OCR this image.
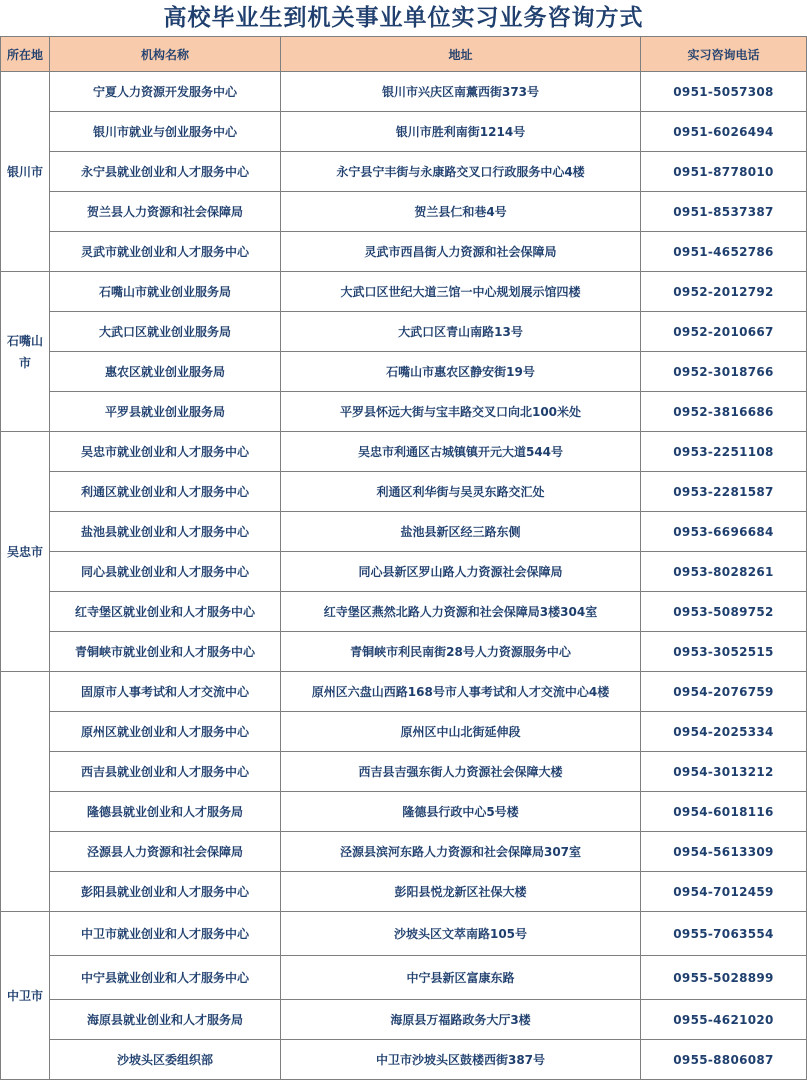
高校毕业生到机关事业单位实习业务咨询方式
所在地	机构名称	地址	实习咨询电话
银川市	宁夏人力资源开发服务中心	银川市兴庆区南薰西街373号	0951-5057308
	银川市就业与创业服务中心	银川市胜利南街1214号	0951-6026494
	永宁县就业创业和人才服务中心	永宁县宁丰街与永康路交叉口行政服务中心4楼	0951-8778010
	贺兰县人力资源和社会保障局	贺兰县仁和巷4号	0951-8537387
	灵武市就业创业和人才服务中心	灵武市西昌街人力资源和社会保障局	0951-4652786
石嘴山市	石嘴山市就业创业服务局	大武口区世纪大道三馆一中心规划展示馆四楼	0952-2012792
	大武口区就业创业服务局	大武口区青山南路13号	0952-2010667
	惠农区就业创业服务局	石嘴山市惠农区静安街19号	0952-3018766
	平罗县就业创业服务局	平罗县怀远大街与宝丰路交叉口向北100米处	0952-3816686
吴忠市	吴忠市就业创业和人才服务中心	吴忠市利通区古城镇镇开元大道544号	0953-2251108
	利通区就业创业和人才服务中心	利通区利华街与吴灵东路交汇处	0953-2281587
	盐池县就业创业和人才服务中心	盐池县新区经三路东侧	0953-6696684
	同心县就业创业和人才服务中心	同心县新区罗山路人力资源社会保障局	0953-8028261
	红寺堡区就业创业和人才服务中心	红寺堡区燕然北路人力资源和社会保障局3楼304室	0953-5089752
	青铜峡市就业创业和人才服务中心	青铜峡市利民南街28号人力资源服务中心	0953-3052515
	固原市人事考试和人才交流中心	原州区六盘山西路168号市人事考试和人才交流中心4楼	0954-2076759
	原州区就业创业和人才服务中心	原州区中山北街延伸段	0954-2025334
	西吉县就业创业和人才服务中心	西吉县吉强东街人力资源社会保障大楼	0954-3013212
	隆德县就业创业和人才服务局	隆德县行政中心5号楼	0954-6018116
	泾源县人力资源和社会保障局	泾源县滨河东路人力资源和社会保障局307室	0954-5613309
	彭阳县就业创业和人才服务中心	彭阳县悦龙新区社保大楼	0954-7012459
中卫市	中卫市就业创业和人才服务中心	沙坡头区文萃南路105号	0955-7063554
	中宁县就业创业和人才服务中心	中宁县新区富康东路	0955-5028899
	海原县就业创业和人才服务局	海原县万福路政务大厅3楼	0955-4621020
	沙坡头区委组织部	中卫市沙坡头区鼓楼西街387号	0955-8806087
